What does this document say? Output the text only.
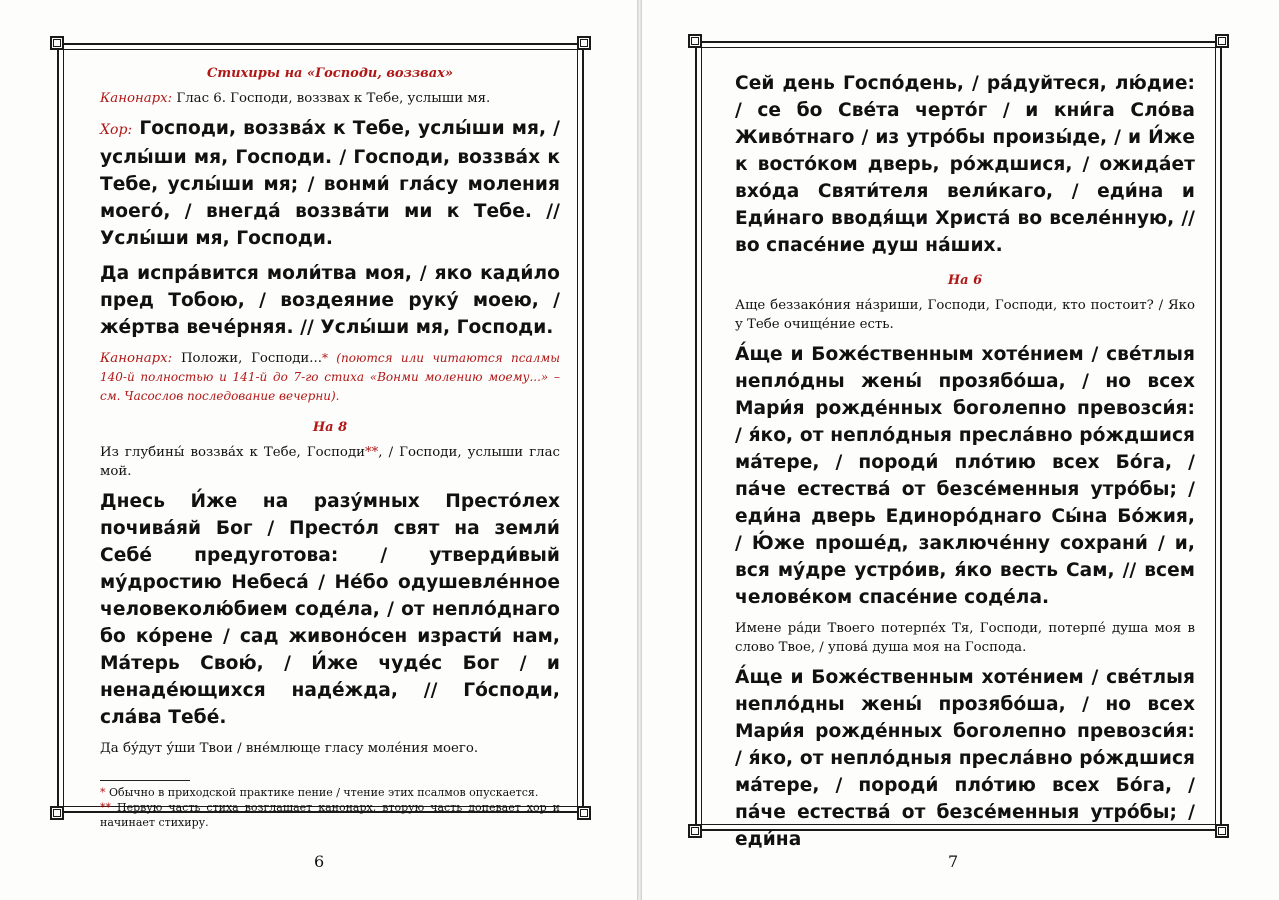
Стихиры на «Господи, воззвах»

Канонарх: Глас 6. Господи, воззвах к Тебе, услыши мя.

Хор: Господи, воззва́х к Тебе, услы́ши мя, / услы́ши мя, Господи. / Господи, воззва́х к Тебе, услы́ши мя; / вонми́ гла́су моления моего́, / внегда́ воззва́ти ми к Тебе. // Услы́ши мя, Господи.

Да испра́вится моли́тва моя, / яко кади́ло пред Тобою, / воздеяние руку́ моею, / же́ртва вече́рняя. // Услы́ши мя, Господи.

Канонарх: Положи, Господи...* (поются или читаются псалмы 140-й полностью и 141-й до 7-го стиха «Вонми молению моему...» – см. Часослов последование вечерни).

На 8

Из глубины́ воззва́х к Тебе, Господи**, / Господи, услыши глас мой.

Днесь И́же на разу́мных Престо́лех почива́яй Бог / Престо́л свят на земли́ Себе́ предуготова: / утверди́вый му́дростию Небеса́ / Не́бо одушевле́нное человеколю́бием соде́ла, / от непло́днаго бо ко́рене / сад живоно́сен израсти́ нам, Ма́терь Свою́, / И́же чуде́с Бог / и ненаде́ющихся наде́жда, // Го́споди, сла́ва Тебе́.

Да бу́дут у́ши Твои / вне́млюще гласу моле́ния моего.

* Обычно в приходской практике пение / чтение этих псалмов опускается.

** Первую часть стиха возглашает канонарх, вторую часть допевает хор и начинает стихиру.

Сей день Госпо́день, / ра́дуйтеся, лю́дие: / се бо Све́та черто́г / и кни́га Сло́ва Живо́тнаго / из утро́бы произы́де, / и И́же к восто́ком дверь, ро́ждшися, / ожида́ет вхо́да Святи́теля вели́каго, / еди́на и Еди́наго вводя́щи Христа́ во вселе́нную, // во спасе́ние душ на́ших.

На 6

Аще беззако́ния на́зриши, Господи, Господи, кто постоит? / Яко у Тебе очище́ние есть.

А́ще и Боже́ственным хоте́нием / све́тлыя непло́дны жены́ прозябо́ша, / но всех Мари́я рожде́нных боголепно превозси́я: / я́ко, от непло́дныя пресла́вно ро́ждшися ма́тере, / породи́ пло́тию всех Бо́га, / па́че естества́ от безсе́менныя утро́бы; / еди́на дверь Единоро́днаго Сы́на Бо́жия, / Ю́же проше́д, заключе́нну сохрани́ / и, вся му́дре устро́ив, я́ко весть Сам, // всем челове́ком спасе́ние соде́ла.

Имене ра́ди Твоего потерпе́х Тя, Господи, потерпе́ душа моя в слово Твое, / упова́ душа моя на Господа.

А́ще и Боже́ственным хоте́нием / све́тлыя непло́дны жены́ прозябо́ша, / но всех Мари́я рожде́нных боголепно превозси́я: / я́ко, от непло́дныя пресла́вно ро́ждшися ма́тере, / породи́ пло́тию всех Бо́га, / па́че естества́ от безсе́менныя утро́бы; / еди́на

6	7
